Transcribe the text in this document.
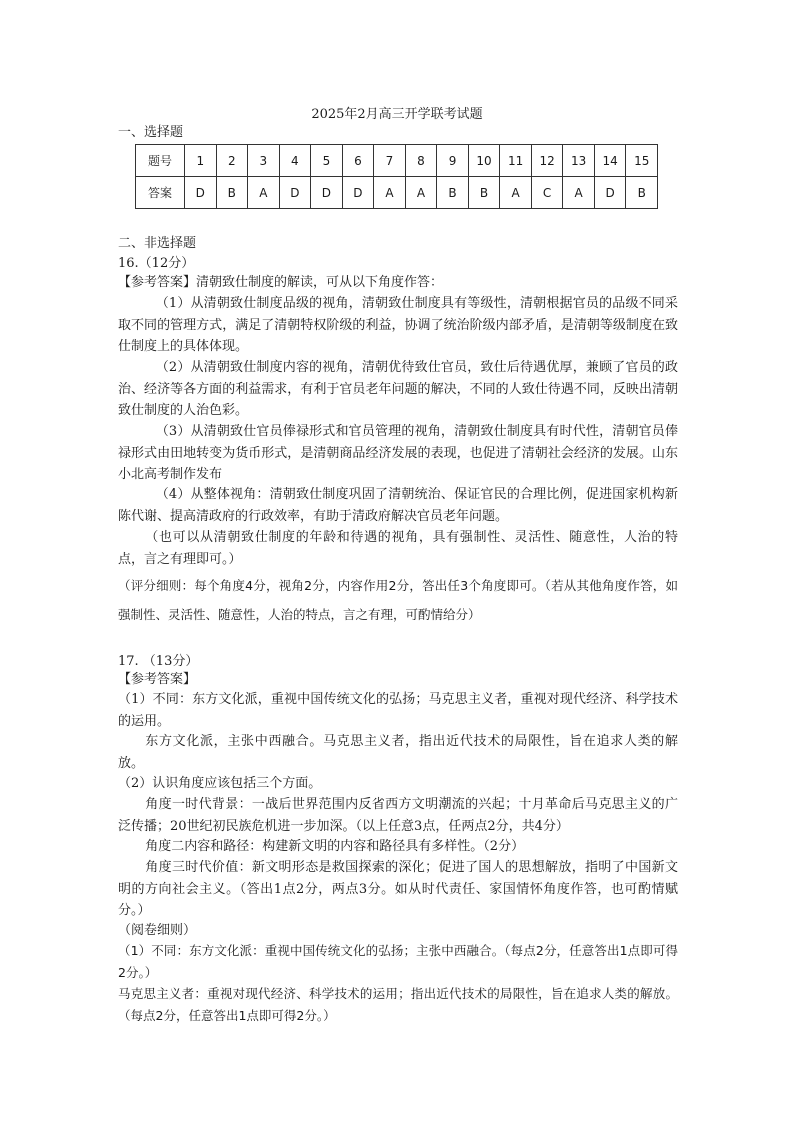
2025年2月高三开学联考试题
一、选择题
题号	1	2	3	4	5	6	7	8	9	10	11	12	13	14	15
答案	D	B	A	D	D	D	A	A	B	B	A	C	A	D	B
二、非选择题
16.（12分）
【参考答案】清朝致仕制度的解读，可从以下角度作答：
（1）从清朝致仕制度品级的视角，清朝致仕制度具有等级性，清朝根据官员的品级不同采取不同的管理方式，满足了清朝特权阶级的利益，协调了统治阶级内部矛盾，是清朝等级制度在致仕制度上的具体体现。
（2）从清朝致仕制度内容的视角，清朝优待致仕官员，致仕后待遇优厚，兼顾了官员的政治、经济等各方面的利益需求，有利于官员老年问题的解决，不同的人致仕待遇不同，反映出清朝致仕制度的人治色彩。
（3）从清朝致仕官员俸禄形式和官员管理的视角，清朝致仕制度具有时代性，清朝官员俸禄形式由田地转变为货币形式，是清朝商品经济发展的表现，也促进了清朝社会经济的发展。山东小北高考制作发布
（4）从整体视角：清朝致仕制度巩固了清朝统治、保证官民的合理比例，促进国家机构新陈代谢、提高清政府的行政效率，有助于清政府解决官员老年问题。
（也可以从清朝致仕制度的年龄和待遇的视角，具有强制性、灵活性、随意性，人治的特点，言之有理即可。）
（评分细则：每个角度4分，视角2分，内容作用2分，答出任3个角度即可。（若从其他角度作答，如强制性、灵活性、随意性，人治的特点，言之有理，可酌情给分）
17. （13分）
【参考答案】
（1）不同：东方文化派，重视中国传统文化的弘扬；马克思主义者，重视对现代经济、科学技术的运用。
东方文化派，主张中西融合。马克思主义者，指出近代技术的局限性，旨在追求人类的解放。
（2）认识角度应该包括三个方面。
角度一时代背景：一战后世界范围内反省西方文明潮流的兴起；十月革命后马克思主义的广泛传播；20世纪初民族危机进一步加深。（以上任意3点，任两点2分，共4分）
角度二内容和路径：构建新文明的内容和路径具有多样性。（2分）
角度三时代价值：新文明形态是救国探索的深化；促进了国人的思想解放，指明了中国新文明的方向社会主义。（答出1点2分，两点3分。如从时代责任、家国情怀角度作答，也可酌情赋分。）
（阅卷细则）
（1）不同：东方文化派：重视中国传统文化的弘扬；主张中西融合。（每点2分，任意答出1点即可得2分。）
马克思主义者：重视对现代经济、科学技术的运用；指出近代技术的局限性，旨在追求人类的解放。（每点2分，任意答出1点即可得2分。）
